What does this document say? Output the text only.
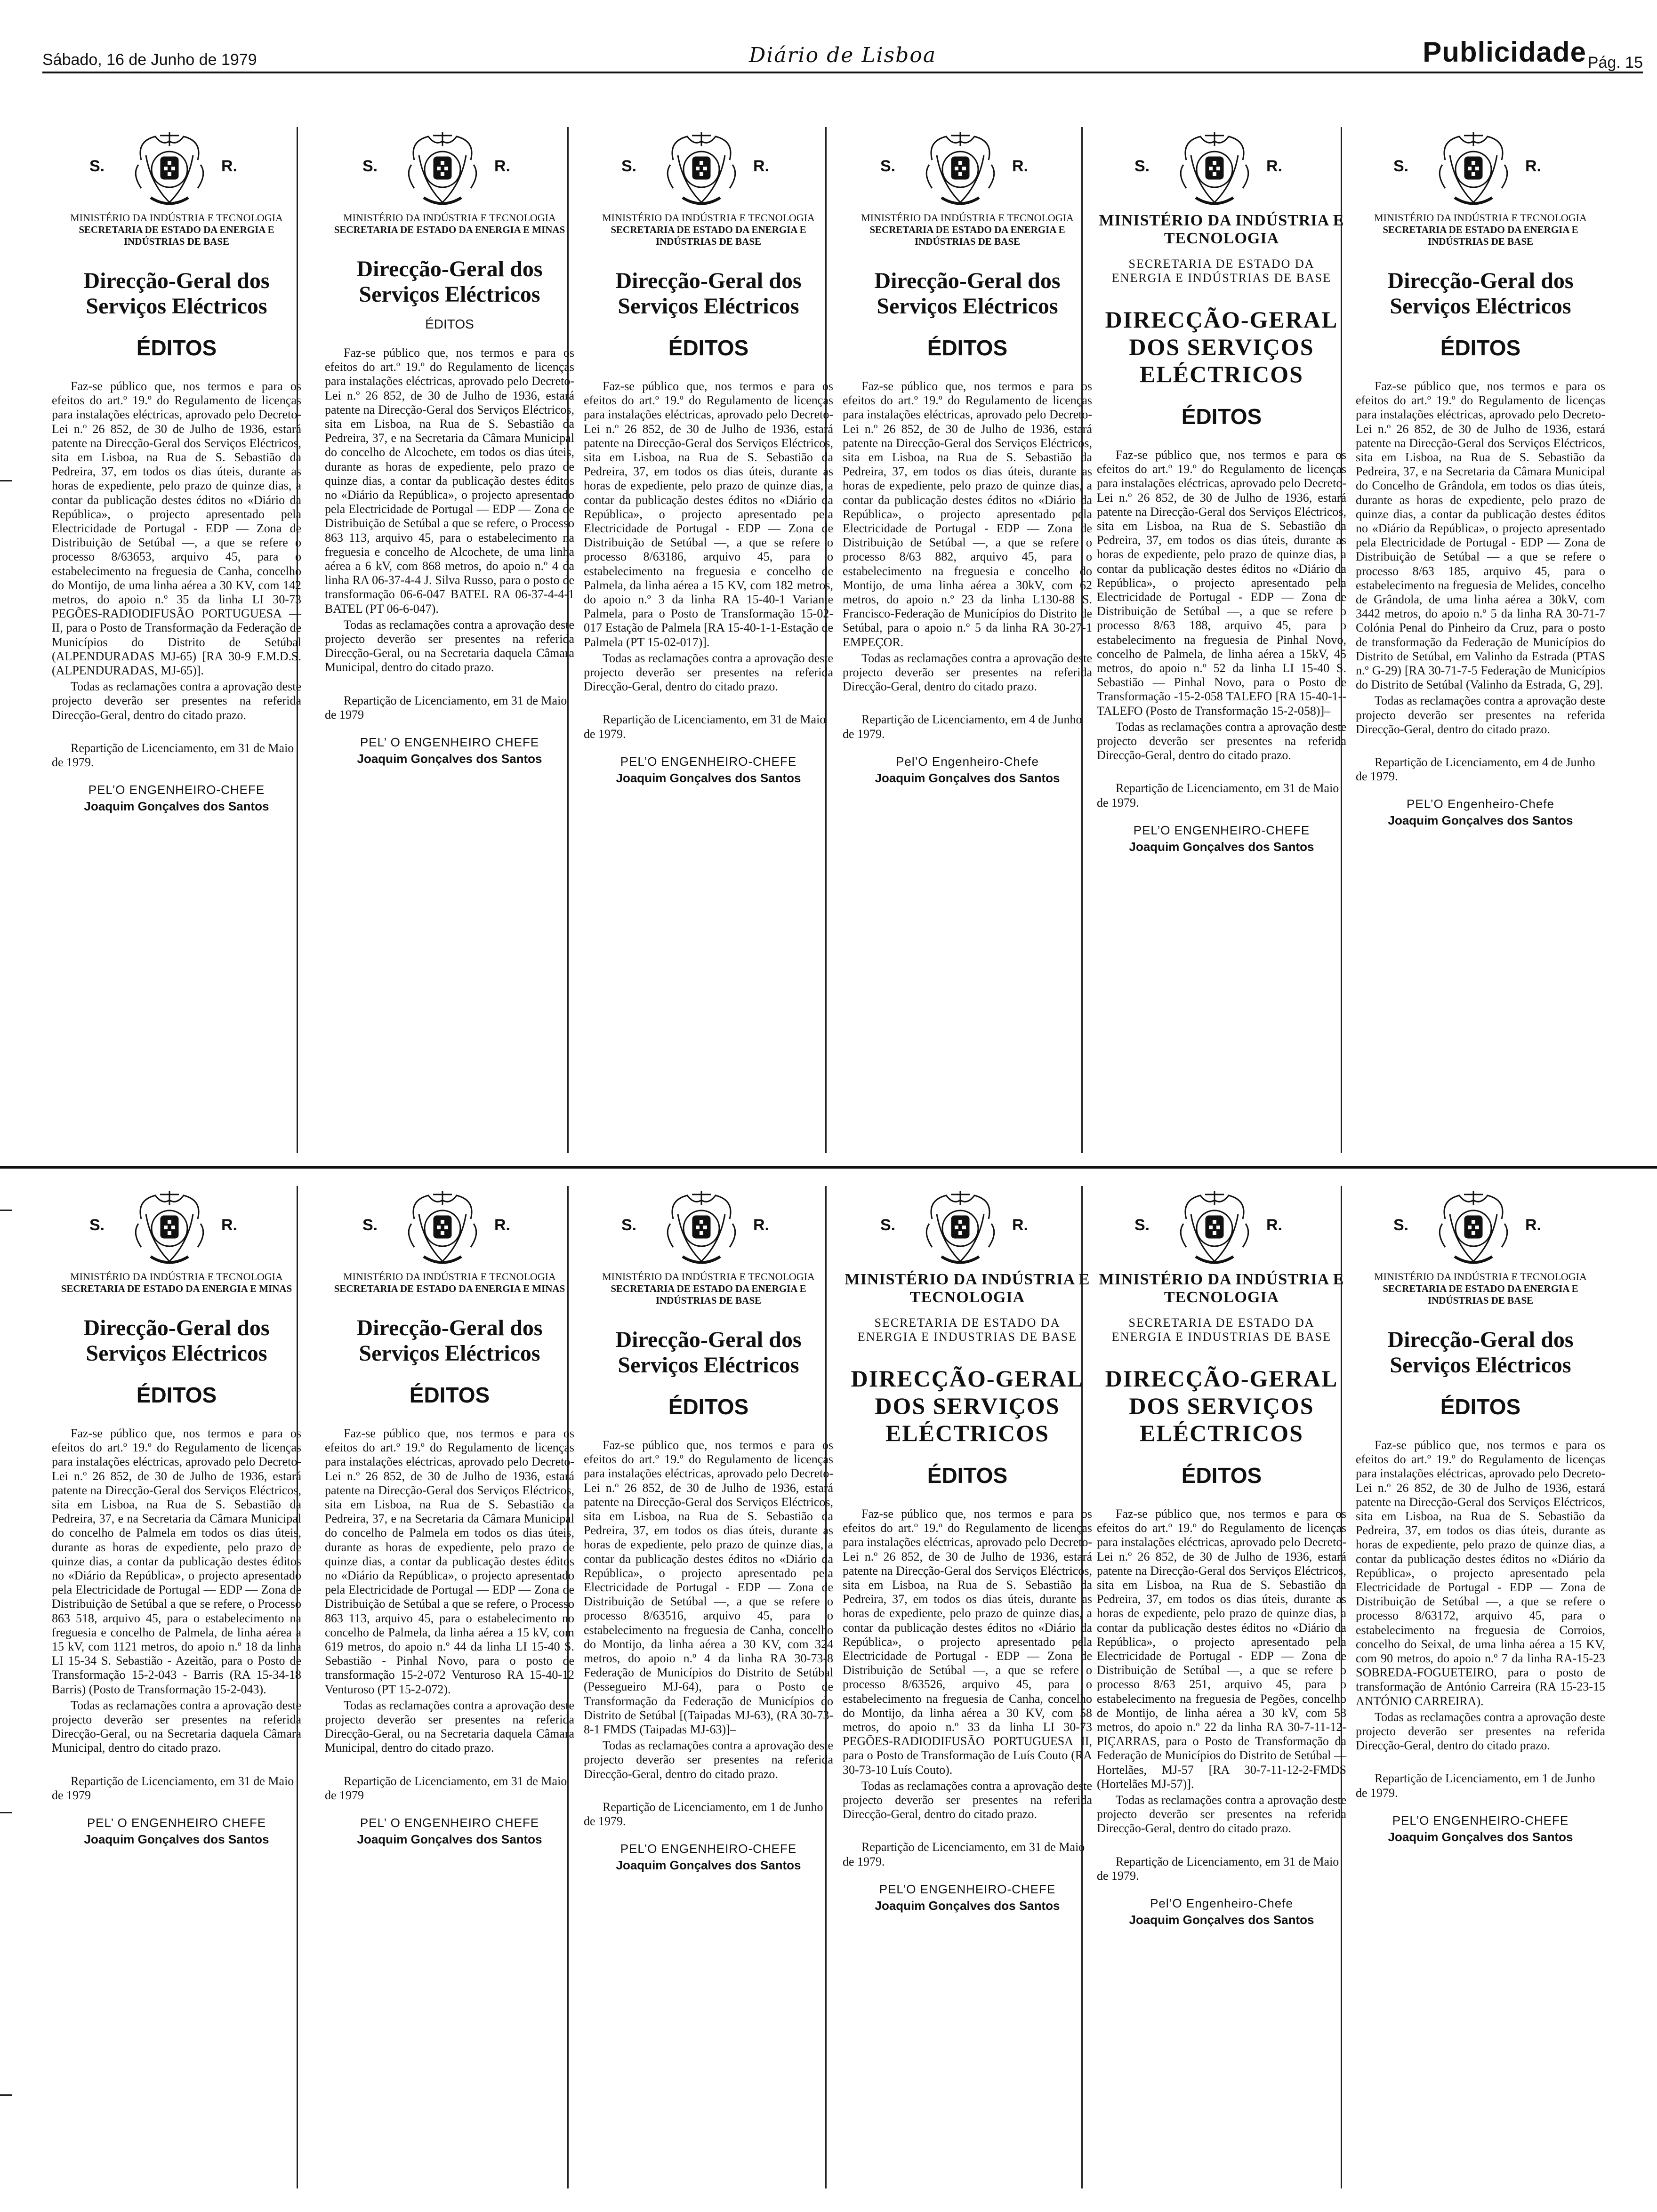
Sábado, 16 de Junho de 1979	Diário de Lisboa	Publicidade Pág. 15
S.	R.
MINISTÉRIO DA INDÚSTRIA E TECNOLOGIA
SECRETARIA DE ESTADO DA ENERGIA E INDÚSTRIAS DE BASE
Direcção-Geral dos Serviços Eléctricos
ÉDITOS
Faz-se público que, nos termos e para os efeitos do art.º 19.º do Regulamento de licenças para instalações eléctricas, aprovado pelo Decreto-Lei n.º 26 852, de 30 de Julho de 1936, estará patente na Direcção-Geral dos Serviços Eléctricos, sita em Lisboa, na Rua de S. Sebastião da Pedreira, 37, em todos os dias úteis, durante as horas de expediente, pelo prazo de quinze dias, a contar da publicação destes éditos no «Diário da República», o projecto apresentado pela Electricidade de Portugal - EDP — Zona de Distribuição de Setúbal —, a que se refere o processo 8/63653, arquivo 45, para o estabelecimento na freguesia de Canha, concelho do Montijo, de uma linha aérea a 30 KV, com 142 metros, do apoio n.º 35 da linha LI 30-73 PEGÕES-RADIODIFUSÃO PORTUGUESA — II, para o Posto de Transformação da Federação de Municípios do Distrito de Setúbal (ALPENDURADAS MJ-65) [RA 30-9 F.M.D.S. (ALPENDURADAS, MJ-65)].
Todas as reclamações contra a aprovação deste projecto deverão ser presentes na referida Direcção-Geral, dentro do citado prazo.
Repartição de Licenciamento, em 31 de Maio de 1979.
PEL’O ENGENHEIRO-CHEFE
Joaquim Gonçalves dos Santos
S.	R.
MINISTÉRIO DA INDÚSTRIA E TECNOLOGIA
SECRETARIA DE ESTADO DA ENERGIA E MINAS
Direcção-Geral dos Serviços Eléctricos
ÉDITOS
Faz-se público que, nos termos e para os efeitos do art.º 19.º do Regulamento de licenças para instalações eléctricas, aprovado pelo Decreto-Lei n.º 26 852, de 30 de Julho de 1936, estará patente na Direcção-Geral dos Serviços Eléctricos, sita em Lisboa, na Rua de S. Sebastião da Pedreira, 37, e na Secretaria da Câmara Municipal do concelho de Alcochete, em todos os dias úteis, durante as horas de expediente, pelo prazo de quinze dias, a contar da publicação destes éditos no «Diário da República», o projecto apresentado pela Electricidade de Portugal — EDP — Zona de Distribuição de Setúbal a que se refere, o Processo 863 113, arquivo 45, para o estabelecimento na freguesia e concelho de Alcochete, de uma linha aérea a 6 kV, com 868 metros, do apoio n.º 4 da linha RA 06-37-4-4 J. Silva Russo, para o posto de transformação 06-6-047 BATEL RA 06-37-4-4-1 BATEL (PT 06-6-047).
Todas as reclamações contra a aprovação deste projecto deverão ser presentes na referida Direcção-Geral, ou na Secretaria daquela Câmara Municipal, dentro do citado prazo.
Repartição de Licenciamento, em 31 de Maio de 1979
PEL’ O ENGENHEIRO CHEFE
Joaquim Gonçalves dos Santos
S.	R.
MINISTÉRIO DA INDÚSTRIA E TECNOLOGIA
SECRETARIA DE ESTADO DA ENERGIA E INDÚSTRIAS DE BASE
Direcção-Geral dos Serviços Eléctricos
ÉDITOS
Faz-se público que, nos termos e para os efeitos do art.º 19.º do Regulamento de licenças para instalações eléctricas, aprovado pelo Decreto-Lei n.º 26 852, de 30 de Julho de 1936, estará patente na Direcção-Geral dos Serviços Eléctricos, sita em Lisboa, na Rua de S. Sebastião da Pedreira, 37, em todos os dias úteis, durante as horas de expediente, pelo prazo de quinze dias, a contar da publicação destes éditos no «Diário da República», o projecto apresentado pela Electricidade de Portugal - EDP — Zona de Distribuição de Setúbal —, a que se refere o processo 8/63186, arquivo 45, para o estabelecimento na freguesia e concelho de Palmela, da linha aérea a 15 KV, com 182 metros, do apoio n.º 3 da linha RA 15-40-1 Variante Palmela, para o Posto de Transformação 15-02-017 Estação de Palmela [RA 15-40-1-1-Estação de Palmela (PT 15-02-017)].
Todas as reclamações contra a aprovação deste projecto deverão ser presentes na referida Direcção-Geral, dentro do citado prazo.
Repartição de Licenciamento, em 31 de Maio de 1979.
PEL’O ENGENHEIRO-CHEFE
Joaquim Gonçalves dos Santos
S.	R.
MINISTÉRIO DA INDÚSTRIA E TECNOLOGIA
SECRETARIA DE ESTADO DA ENERGIA E INDÚSTRIAS DE BASE
Direcção-Geral dos Serviços Eléctricos
ÉDITOS
Faz-se público que, nos termos e para os efeitos do art.º 19.º do Regulamento de licenças para instalações eléctricas, aprovado pelo Decreto-Lei n.º 26 852, de 30 de Julho de 1936, estará patente na Direcção-Geral dos Serviços Eléctricos, sita em Lisboa, na Rua de S. Sebastião da Pedreira, 37, em todos os dias úteis, durante as horas de expediente, pelo prazo de quinze dias, a contar da publicação destes éditos no «Diário da República», o projecto apresentado pela Electricidade de Portugal - EDP — Zona de Distribuição de Setúbal —, a que se refere o processo 8/63 882, arquivo 45, para o estabelecimento na freguesia e concelho do Montijo, de uma linha aérea a 30kV, com 62 metros, do apoio n.º 23 da linha L130-88 S. Francisco-Federação de Municípios do Distrito de Setúbal, para o apoio n.º 5 da linha RA 30-27-1 EMPEÇOR.
Todas as reclamações contra a aprovação deste projecto deverão ser presentes na referida Direcção-Geral, dentro do citado prazo.
Repartição de Licenciamento, em 4 de Junho de 1979.
Pel’O Engenheiro-Chefe
Joaquim Gonçalves dos Santos
S.	R.
MINISTÉRIO DA INDÚSTRIA E TECNOLOGIA
SECRETARIA DE ESTADO DA ENERGIA E INDÚSTRIAS DE BASE
DIRECÇÃO-GERAL DOS SERVIÇOS ELÉCTRICOS
ÉDITOS
Faz-se público que, nos termos e para os efeitos do art.º 19.º do Regulamento de licenças para instalações eléctricas, aprovado pelo Decreto-Lei n.º 26 852, de 30 de Julho de 1936, estará patente na Direcção-Geral dos Serviços Eléctricos, sita em Lisboa, na Rua de S. Sebastião da Pedreira, 37, em todos os dias úteis, durante as horas de expediente, pelo prazo de quinze dias, a contar da publicação destes éditos no «Diário da República», o projecto apresentado pela Electricidade de Portugal - EDP — Zona de Distribuição de Setúbal —, a que se refere o processo 8/63 188, arquivo 45, para o estabelecimento na freguesia de Pinhal Novo, concelho de Palmela, de linha aérea a 15kV, 45 metros, do apoio n.º 52 da linha LI 15-40 S. Sebastião — Pinhal Novo, para o Posto de Transformação -15-2-058 TALEFO [RA 15-40-1--TALEFO (Posto de Transformação 15-2-058)]–
Todas as reclamações contra a aprovação deste projecto deverão ser presentes na referida Direcção-Geral, dentro do citado prazo.
Repartição de Licenciamento, em 31 de Maio de 1979.
PEL’O ENGENHEIRO-CHEFE
Joaquim Gonçalves dos Santos
S.	R.
MINISTÉRIO DA INDÚSTRIA E TECNOLOGIA
SECRETARIA DE ESTADO DA ENERGIA E INDÚSTRIAS DE BASE
Direcção-Geral dos Serviços Eléctricos
ÉDITOS
Faz-se público que, nos termos e para os efeitos do art.º 19.º do Regulamento de licenças para instalações eléctricas, aprovado pelo Decreto-Lei n.º 26 852, de 30 de Julho de 1936, estará patente na Direcção-Geral dos Serviços Eléctricos, sita em Lisboa, na Rua de S. Sebastião da Pedreira, 37, e na Secretaria da Câmara Municipal do Concelho de Grândola, em todos os dias úteis, durante as horas de expediente, pelo prazo de quinze dias, a contar da publicação destes éditos no «Diário da República», o projecto apresentado pela Electricidade de Portugal - EDP — Zona de Distribuição de Setúbal — a que se refere o processo 8/63 185, arquivo 45, para o estabelecimento na freguesia de Melides, concelho de Grândola, de uma linha aérea a 30kV, com 3442 metros, do apoio n.º 5 da linha RA 30-71-7 Colónia Penal do Pinheiro da Cruz, para o posto de transformação da Federação de Municípios do Distrito de Setúbal, em Valinho da Estrada (PTAS n.º G-29) [RA 30-71-7-5 Federação de Municípios do Distrito de Setúbal (Valinho da Estrada, G, 29].
Todas as reclamações contra a aprovação deste projecto deverão ser presentes na referida Direcção-Geral, dentro do citado prazo.
Repartição de Licenciamento, em 4 de Junho de 1979.
PEL’O Engenheiro-Chefe
Joaquim Gonçalves dos Santos
S.	R.
MINISTÉRIO DA INDÚSTRIA E TECNOLOGIA
SECRETARIA DE ESTADO DA ENERGIA E MINAS
Direcção-Geral dos Serviços Eléctricos
ÉDITOS
Faz-se público que, nos termos e para os efeitos do art.º 19.º do Regulamento de licenças para instalações eléctricas, aprovado pelo Decreto-Lei n.º 26 852, de 30 de Julho de 1936, estará patente na Direcção-Geral dos Serviços Eléctricos, sita em Lisboa, na Rua de S. Sebastião da Pedreira, 37, e na Secretaria da Câmara Municipal do concelho de Palmela em todos os dias úteis, durante as horas de expediente, pelo prazo de quinze dias, a contar da publicação destes éditos no «Diário da República», o projecto apresentado pela Electricidade de Portugal — EDP — Zona de Distribuição de Setúbal a que se refere, o Processo 863 518, arquivo 45, para o estabelecimento na freguesia e concelho de Palmela, de linha aérea a 15 kV, com 1121 metros, do apoio n.º 18 da linha LI 15-34 S. Sebastião - Azeitão, para o Posto de Transformação 15-2-043 - Barris (RA 15-34-18 Barris) (Posto de Transformação 15-2-043).
Todas as reclamações contra a aprovação deste projecto deverão ser presentes na referida Direcção-Geral, ou na Secretaria daquela Câmara Municipal, dentro do citado prazo.
Repartição de Licenciamento, em 31 de Maio de 1979
PEL’ O ENGENHEIRO CHEFE
Joaquim Gonçalves dos Santos
S.	R.
MINISTÉRIO DA INDÚSTRIA E TECNOLOGIA
SECRETARIA DE ESTADO DA ENERGIA E MINAS
Direcção-Geral dos Serviços Eléctricos
ÉDITOS
Faz-se público que, nos termos e para os efeitos do art.º 19.º do Regulamento de licenças para instalações eléctricas, aprovado pelo Decreto-Lei n.º 26 852, de 30 de Julho de 1936, estará patente na Direcção-Geral dos Serviços Eléctricos, sita em Lisboa, na Rua de S. Sebastião da Pedreira, 37, e na Secretaria da Câmara Municipal do concelho de Palmela em todos os dias úteis, durante as horas de expediente, pelo prazo de quinze dias, a contar da publicação destes éditos no «Diário da República», o projecto apresentado pela Electricidade de Portugal — EDP — Zona de Distribuição de Setúbal a que se refere, o Processo 863 113, arquivo 45, para o estabelecimento no concelho de Palmela, da linha aérea a 15 kV, com 619 metros, do apoio n.º 44 da linha LI 15-40 S. Sebastião - Pinhal Novo, para o posto de transformação 15-2-072 Venturoso RA 15-40-12 Venturoso (PT 15-2-072).
Todas as reclamações contra a aprovação deste projecto deverão ser presentes na referida Direcção-Geral, ou na Secretaria daquela Câmara Municipal, dentro do citado prazo.
Repartição de Licenciamento, em 31 de Maio de 1979
PEL’ O ENGENHEIRO CHEFE
Joaquim Gonçalves dos Santos
S.	R.
MINISTÉRIO DA INDÚSTRIA E TECNOLOGIA
SECRETARIA DE ESTADO DA ENERGIA E INDÚSTRIAS DE BASE
Direcção-Geral dos Serviços Eléctricos
ÉDITOS
Faz-se público que, nos termos e para os efeitos do art.º 19.º do Regulamento de licenças para instalações eléctricas, aprovado pelo Decreto-Lei n.º 26 852, de 30 de Julho de 1936, estará patente na Direcção-Geral dos Serviços Eléctricos, sita em Lisboa, na Rua de S. Sebastião da Pedreira, 37, em todos os dias úteis, durante as horas de expediente, pelo prazo de quinze dias, a contar da publicação destes éditos no «Diário da República», o projecto apresentado pela Electricidade de Portugal - EDP — Zona de Distribuição de Setúbal —, a que se refere o processo 8/63516, arquivo 45, para o estabelecimento na freguesia de Canha, concelho do Montijo, da linha aérea a 30 KV, com 324 metros, do apoio n.º 4 da linha RA 30-73-8 Federação de Municípios do Distrito de Setúbal (Pessegueiro MJ-64), para o Posto de Transformação da Federação de Municípios do Distrito de Setúbal [(Taipadas MJ-63), (RA 30-73-8-1 FMDS (Taipadas MJ-63)]–
Todas as reclamações contra a aprovação deste projecto deverão ser presentes na referida Direcção-Geral, dentro do citado prazo.
Repartição de Licenciamento, em 1 de Junho de 1979.
PEL’O ENGENHEIRO-CHEFE
Joaquim Gonçalves dos Santos
S.	R.
MINISTÉRIO DA INDÚSTRIA E TECNOLOGIA
SECRETARIA DE ESTADO DA ENERGIA E INDUSTRIAS DE BASE
DIRECÇÃO-GERAL DOS SERVIÇOS ELÉCTRICOS
ÉDITOS
Faz-se público que, nos termos e para os efeitos do art.º 19.º do Regulamento de licenças para instalações eléctricas, aprovado pelo Decreto-Lei n.º 26 852, de 30 de Julho de 1936, estará patente na Direcção-Geral dos Serviços Eléctricos, sita em Lisboa, na Rua de S. Sebastião da Pedreira, 37, em todos os dias úteis, durante as horas de expediente, pelo prazo de quinze dias, a contar da publicação destes éditos no «Diário da República», o projecto apresentado pela Electricidade de Portugal - EDP — Zona de Distribuição de Setúbal —, a que se refere o processo 8/63526, arquivo 45, para o estabelecimento na freguesia de Canha, concelho do Montijo, da linha aérea a 30 KV, com 58 metros, do apoio n.º 33 da linha LI 30-73 PEGÕES-RADIODIFUSÃO PORTUGUESA II, para o Posto de Transformação de Luís Couto (RA 30-73-10 Luís Couto).
Todas as reclamações contra a aprovação deste projecto deverão ser presentes na referida Direcção-Geral, dentro do citado prazo.
Repartição de Licenciamento, em 31 de Maio de 1979.
PEL’O ENGENHEIRO-CHEFE
Joaquim Gonçalves dos Santos
S.	R.
MINISTÉRIO DA INDÚSTRIA E TECNOLOGIA
SECRETARIA DE ESTADO DA ENERGIA E INDUSTRIAS DE BASE
DIRECÇÃO-GERAL DOS SERVIÇOS ELÉCTRICOS
ÉDITOS
Faz-se público que, nos termos e para os efeitos do art.º 19.º do Regulamento de licenças para instalações eléctricas, aprovado pelo Decreto-Lei n.º 26 852, de 30 de Julho de 1936, estará patente na Direcção-Geral dos Serviços Eléctricos, sita em Lisboa, na Rua de S. Sebastião da Pedreira, 37, em todos os dias úteis, durante as horas de expediente, pelo prazo de quinze dias, a contar da publicação destes éditos no «Diário da República», o projecto apresentado pela Electricidade de Portugal - EDP — Zona de Distribuição de Setúbal —, a que se refere o processo 8/63 251, arquivo 45, para o estabelecimento na freguesia de Pegões, concelho de Montijo, de linha aérea a 30 kV, com 58 metros, do apoio n.º 22 da linha RA 30-7-11-12-PIÇARRAS, para o Posto de Transformação da Federação de Municípios do Distrito de Setúbal — Hortelães, MJ-57 [RA 30-7-11-12-2-FMDS (Hortelães MJ-57)].
Todas as reclamações contra a aprovação deste projecto deverão ser presentes na referida Direcção-Geral, dentro do citado prazo.
Repartição de Licenciamento, em 31 de Maio de 1979.
Pel’O Engenheiro-Chefe
Joaquim Gonçalves dos Santos
S.	R.
MINISTÉRIO DA INDÚSTRIA E TECNOLOGIA
SECRETARIA DE ESTADO DA ENERGIA E INDÚSTRIAS DE BASE
Direcção-Geral dos Serviços Eléctricos
ÉDITOS
Faz-se público que, nos termos e para os efeitos do art.º 19.º do Regulamento de licenças para instalações eléctricas, aprovado pelo Decreto-Lei n.º 26 852, de 30 de Julho de 1936, estará patente na Direcção-Geral dos Serviços Eléctricos, sita em Lisboa, na Rua de S. Sebastião da Pedreira, 37, em todos os dias úteis, durante as horas de expediente, pelo prazo de quinze dias, a contar da publicação destes éditos no «Diário da República», o projecto apresentado pela Electricidade de Portugal - EDP — Zona de Distribuição de Setúbal —, a que se refere o processo 8/63172, arquivo 45, para o estabelecimento na freguesia de Corroios, concelho do Seixal, de uma linha aérea a 15 KV, com 90 metros, do apoio n.º 7 da linha RA-15-23 SOBREDA-FOGUETEIRO, para o posto de transformação de António Carreira (RA 15-23-15 ANTÓNIO CARREIRA).
Todas as reclamações contra a aprovação deste projecto deverão ser presentes na referida Direcção-Geral, dentro do citado prazo.
Repartição de Licenciamento, em 1 de Junho de 1979.
PEL’O ENGENHEIRO-CHEFE
Joaquim Gonçalves dos Santos
